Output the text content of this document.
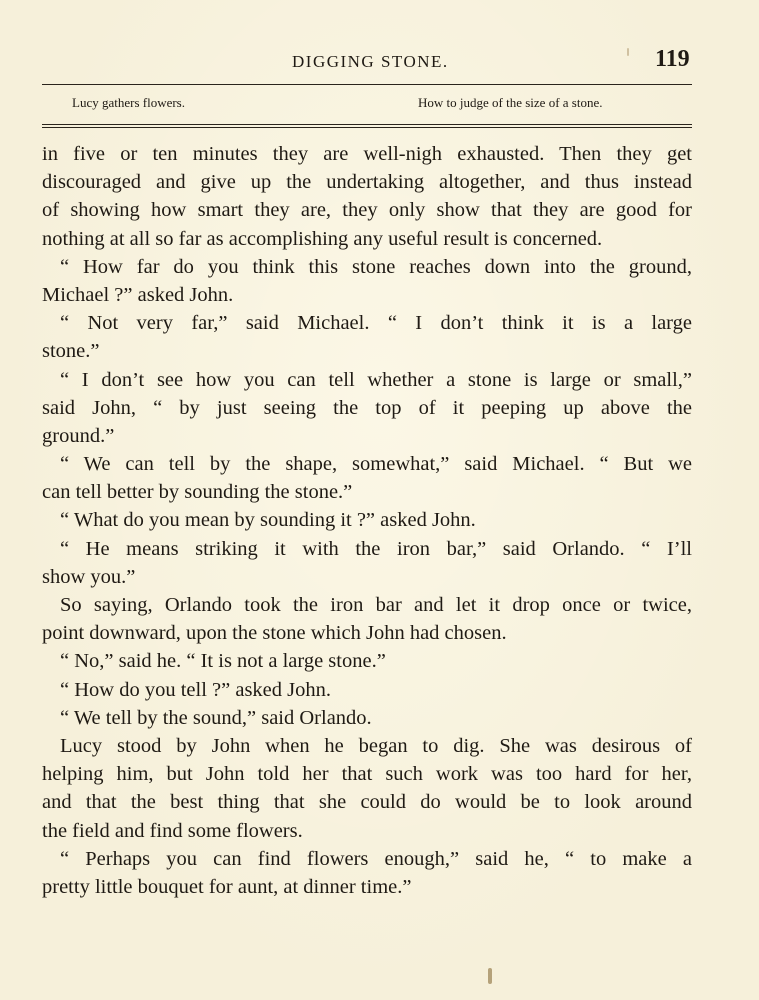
DIGGING STONE.	119
Lucy gathers flowers.	How to judge of the size of a stone.
in five or ten minutes they are well-nigh exhausted. Then they get
discouraged and give up the undertaking altogether, and thus instead
of showing how smart they are, they only show that they are good for
nothing at all so far as accomplishing any useful result is concerned.
“ How far do you think this stone reaches down into the ground,
Michael ?” asked John.
“ Not very far,” said Michael. “ I don’t think it is a large
stone.”
“ I don’t see how you can tell whether a stone is large or small,”
said John, “ by just seeing the top of it peeping up above the
ground.”
“ We can tell by the shape, somewhat,” said Michael. “ But we
can tell better by sounding the stone.”
“ What do you mean by sounding it ?” asked John.
“ He means striking it with the iron bar,” said Orlando. “ I’ll
show you.”
So saying, Orlando took the iron bar and let it drop once or twice,
point downward, upon the stone which John had chosen.
“ No,” said he. “ It is not a large stone.”
“ How do you tell ?” asked John.
“ We tell by the sound,” said Orlando.
Lucy stood by John when he began to dig. She was desirous of
helping him, but John told her that such work was too hard for her,
and that the best thing that she could do would be to look around
the field and find some flowers.
“ Perhaps you can find flowers enough,” said he, “ to make a
pretty little bouquet for aunt, at dinner time.”
